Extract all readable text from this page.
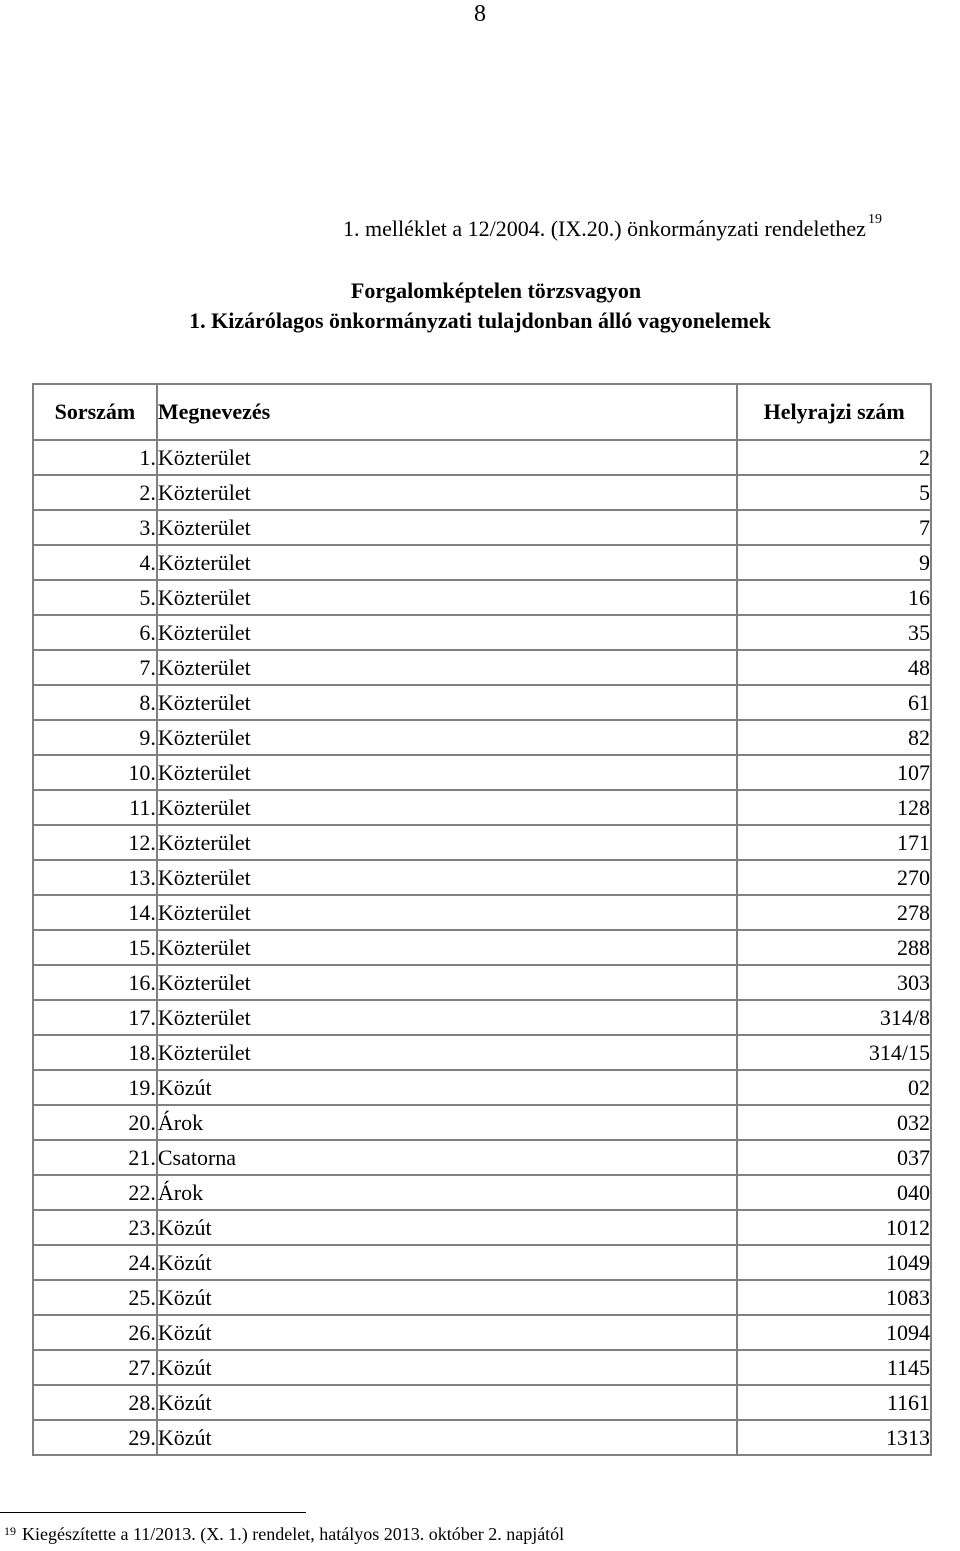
8
1. melléklet a 12/2004. (IX.20.) önkormányzati rendelethez $^{19}$
Forgalomképtelen törzsvagyon
1. Kizárólagos önkormányzati tulajdonban álló vagyonelemek
Sorszám	Megnevezés	Helyrajzi szám
1.	Közterület	2
2.	Közterület	5
3.	Közterület	7
4.	Közterület	9
5.	Közterület	16
6.	Közterület	35
7.	Közterület	48
8.	Közterület	61
9.	Közterület	82
10.	Közterület	107
11.	Közterület	128
12.	Közterület	171
13.	Közterület	270
14.	Közterület	278
15.	Közterület	288
16.	Közterület	303
17.	Közterület	314/8
18.	Közterület	314/15
19.	Közút	02
20.	Árok	032
21.	Csatorna	037
22.	Árok	040
23.	Közút	1012
24.	Közút	1049
25.	Közút	1083
26.	Közút	1094
27.	Közút	1145
28.	Közút	1161
29.	Közút	1313
$^{19}$ Kiegészítette a 11/2013. (X. 1.) rendelet, hatályos 2013. október 2. napjától
